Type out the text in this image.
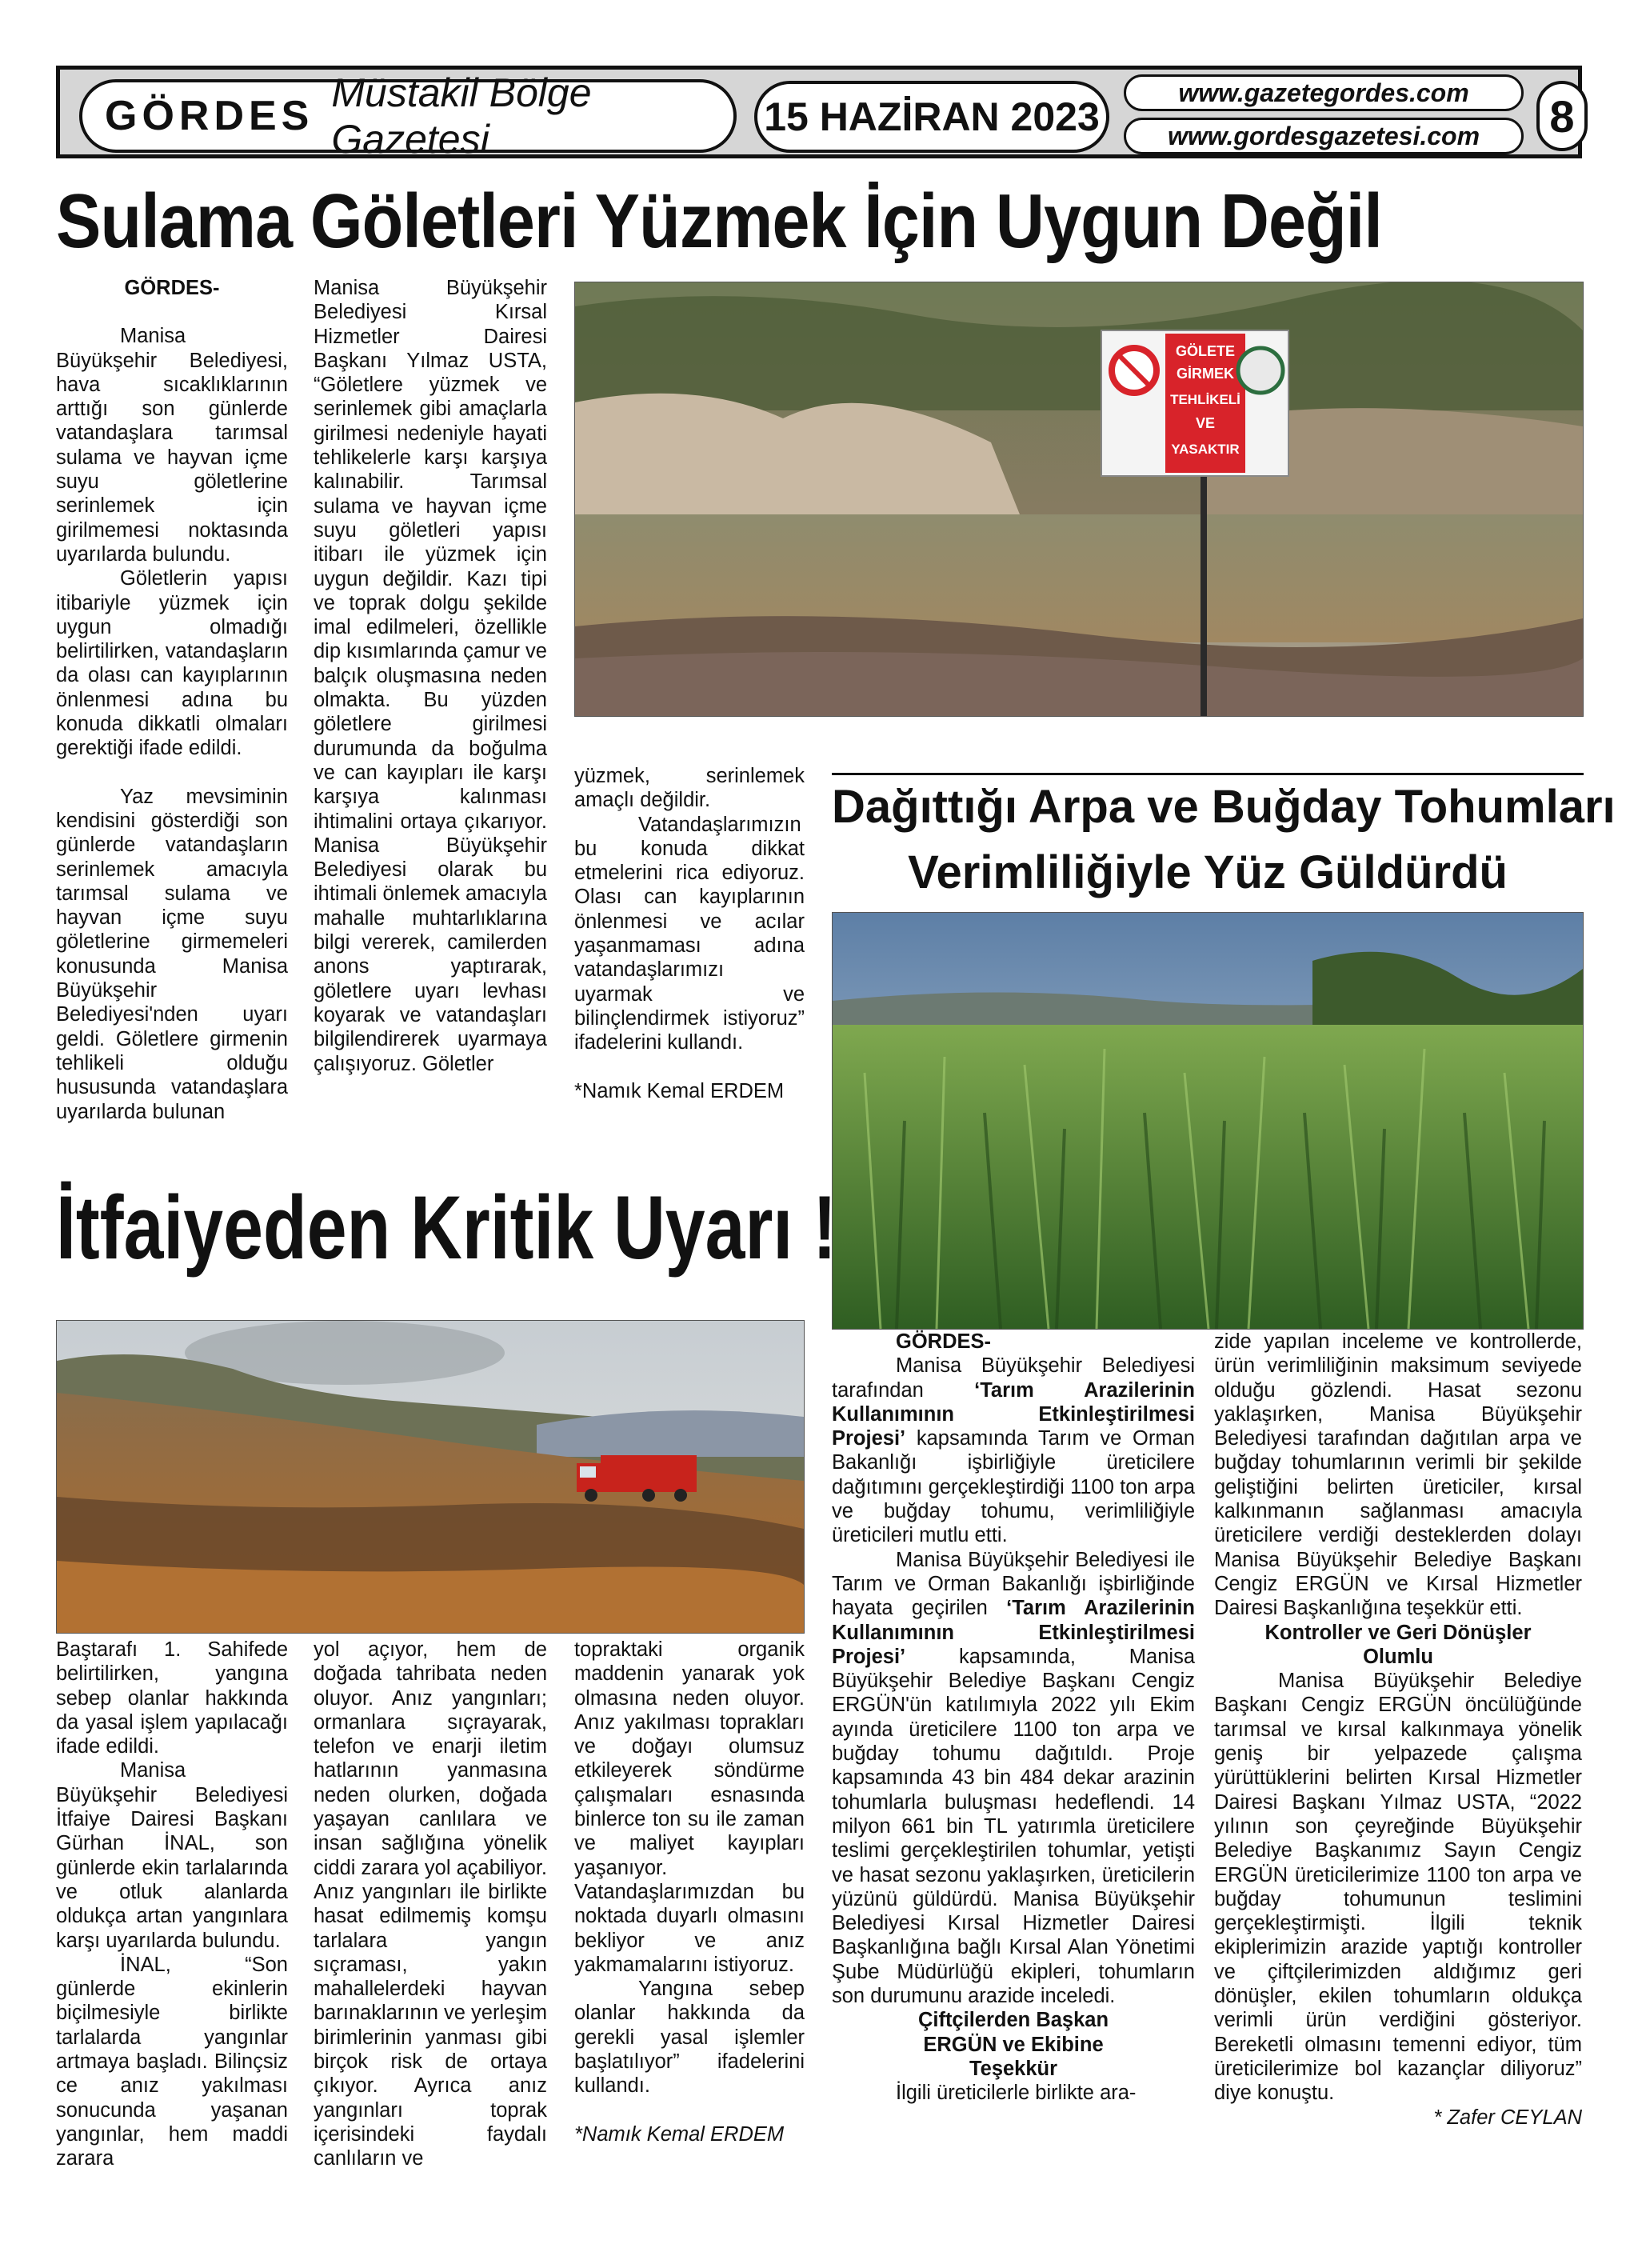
GÖRDES Müstakil Bölge Gazetesi	15 HAZİRAN 2023
www.gazetegordes.com
www.gordesgazetesi.com	8
Sulama Göletleri Yüzmek İçin Uygun Değil

GÖRDES-

Manisa Büyükşehir Belediyesi, hava sıcaklıklarının arttığı son günlerde vatandaşlara tarımsal sulama ve hayvan içme suyu göletlerine serinlemek için girilmemesi noktasında uyarılarda bulundu.

Göletlerin yapısı itibariyle yüzmek için uygun olmadığı belirtilirken, vatandaşların da olası can kayıplarının önlenmesi adına bu konuda dikkatli olmaları gerektiği ifade edildi.

Yaz mevsiminin kendisini gösterdiği son günlerde vatandaşların serinlemek amacıyla tarımsal sulama ve hayvan içme suyu göletlerine girmemeleri konusunda Manisa Büyükşehir Belediyesi'nden uyarı geldi. Göletlere girmenin tehlikeli olduğu hususunda vatandaşlara uyarılarda bulunan

Manisa Büyükşehir Belediyesi Kırsal Hizmetler Dairesi Başkanı Yılmaz USTA, “Göletlere yüzmek ve serinlemek gibi amaçlarla girilmesi nedeniyle hayati tehlikelerle karşı karşıya kalınabilir. Tarımsal sulama ve hayvan içme suyu göletleri yapısı itibarı ile yüzmek için uygun değildir. Kazı tipi ve toprak dolgu şekilde imal edilmeleri, özellikle dip kısımlarında çamur ve balçık oluşmasına neden olmakta. Bu yüzden göletlere girilmesi durumunda da boğulma ve can kayıpları ile karşı karşıya kalınması ihtimalini ortaya çıkarıyor. Manisa Büyükşehir Belediyesi olarak bu ihtimali önlemek amacıyla mahalle muhtarlıklarına bilgi vererek, camilerden anons yaptırarak, göletlere uyarı levhası koyarak ve vatandaşları bilgilendirerek uyarmaya çalışıyoruz. Göletler

GÖLETE
GİRMEK
TEHLİKELİ
VE
YASAKTIR

yüzmek, serinlemek amaçlı değildir.

Vatandaşlarımızın bu konuda dikkat etmelerini rica ediyoruz. Olası can kayıplarının önlenmesi ve acılar yaşanmaması adına vatandaşlarımızı uyarmak ve bilinçlendirmek istiyoruz” ifadelerini kullandı.

*Namık Kemal ERDEM

Dağıttığı Arpa ve Buğday Tohumları
Verimliliğiyle Yüz Güldürdü

GÖRDES-

Manisa Büyükşehir Belediyesi tarafından ‘Tarım Arazilerinin Kullanımının Etkinleştirilmesi Projesi’ kapsamında Tarım ve Orman Bakanlığı işbirliğiyle üreticilere dağıtımını gerçekleştirdiği 1100 ton arpa ve buğday tohumu, verimliliğiyle üreticileri mutlu etti.

Manisa Büyükşehir Belediyesi ile Tarım ve Orman Bakanlığı işbirliğinde hayata geçirilen ‘Tarım Arazilerinin Kullanımının Etkinleştirilmesi Projesi’ kapsamında, Manisa Büyükşehir Belediye Başkanı Cengiz ERGÜN'ün katılımıyla 2022 yılı Ekim ayında üreticilere 1100 ton arpa ve buğday tohumu dağıtıldı. Proje kapsamında 43 bin 484 dekar arazinin tohumlarla buluşması hedeflendi. 14 milyon 661 bin TL yatırımla üreticilere teslimi gerçekleştirilen tohumlar, yetişti ve hasat sezonu yaklaşırken, üreticilerin yüzünü güldürdü. Manisa Büyükşehir Belediyesi Kırsal Hizmetler Dairesi Başkanlığına bağlı Kırsal Alan Yönetimi Şube Müdürlüğü ekipleri, tohumların son durumunu arazide inceledi.

Çiftçilerden Başkan ERGÜN ve Ekibine Teşekkür

İlgili üreticilerle birlikte ara-

zide yapılan inceleme ve kontrollerde, ürün verimliliğinin maksimum seviyede olduğu gözlendi. Hasat sezonu yaklaşırken, Manisa Büyükşehir Belediyesi tarafından dağıtılan arpa ve buğday tohumlarının verimli bir şekilde geliştiğini belirten üreticiler, kırsal kalkınmanın sağlanması amacıyla üreticilere verdiği desteklerden dolayı Manisa Büyükşehir Belediye Başkanı Cengiz ERGÜN ve Kırsal Hizmetler Dairesi Başkanlığına teşekkür etti.

Kontroller ve Geri Dönüşler Olumlu

Manisa Büyükşehir Belediye Başkanı Cengiz ERGÜN öncülüğünde tarımsal ve kırsal kalkınmaya yönelik geniş bir yelpazede çalışma yürüttüklerini belirten Kırsal Hizmetler Dairesi Başkanı Yılmaz USTA, “2022 yılının son çeyreğinde Büyükşehir Belediye Başkanımız Sayın Cengiz ERGÜN üreticilerimize 1100 ton arpa ve buğday tohumunun teslimini gerçekleştirmişti. İlgili teknik ekiplerimizin arazide yaptığı kontroller ve çiftçilerimizden aldığımız geri dönüşler, ekilen tohumların oldukça verimli ürün verdiğini gösteriyor. Bereketli olmasını temenni ediyor, tüm üreticilerimize bol kazançlar diliyoruz” diye konuştu.

* Zafer CEYLAN

İtfaiyeden Kritik Uyarı !

Baştarafı 1. Sahifede belirtilirken, yangına sebep olanlar hakkında da yasal işlem yapılacağı ifade edildi.

Manisa Büyükşehir Belediyesi İtfaiye Dairesi Başkanı Gürhan İNAL, son günlerde ekin tarlalarında ve otluk alanlarda oldukça artan yangınlara karşı uyarılarda bulundu.

İNAL, “Son günlerde ekinlerin biçilmesiyle birlikte tarlalarda yangınlar artmaya başladı. Bilinçsiz ce anız yakılması sonucunda yaşanan yangınlar, hem maddi zarara

yol açıyor, hem de doğada tahribata neden oluyor. Anız yangınları; ormanlara sıçrayarak, telefon ve enarji iletim hatlarının yanmasına neden olurken, doğada yaşayan canlılara ve insan sağlığına yönelik ciddi zarara yol açabiliyor. Anız yangınları ile birlikte hasat edilmemiş komşu tarlalara yangın sıçraması, yakın mahallelerdeki hayvan barınaklarının ve yerleşim birimlerinin yanması gibi birçok risk de ortaya çıkıyor. Ayrıca anız yangınları toprak içerisindeki faydalı canlıların ve

topraktaki organik maddenin yanarak yok olmasına neden oluyor. Anız yakılması toprakları ve doğayı olumsuz etkileyerek söndürme çalışmaları esnasında binlerce ton su ile zaman ve maliyet kayıpları yaşanıyor. Vatandaşlarımızdan bu noktada duyarlı olmasını bekliyor ve anız yakmamalarını istiyoruz.

Yangına sebep olanlar hakkında da gerekli yasal işlemler başlatılıyor” ifadelerini kullandı.

*Namık Kemal ERDEM
